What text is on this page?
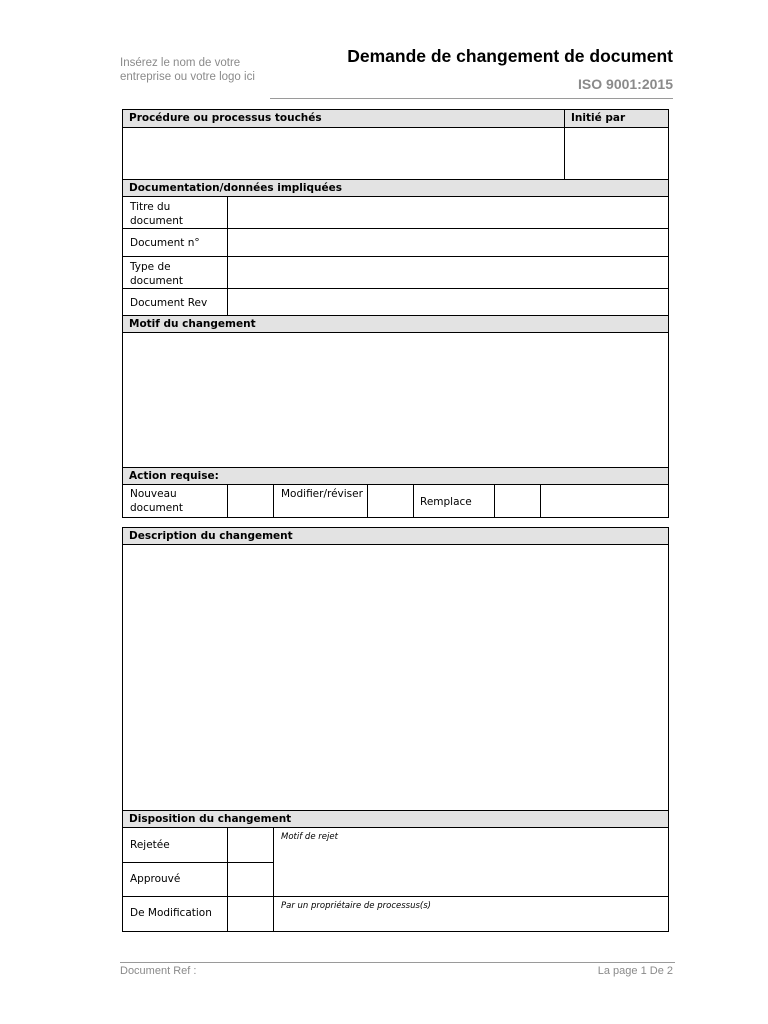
Insérez le nom de votre entreprise ou votre logo ici
Demande de changement de document
ISO 9001:2015
Procédure ou processus touchés	Initié par
Documentation/données impliquées
Titre du document
Document n°
Type de document
Document Rev
Motif du changement
Action requise:
Nouveau document
Modifier/réviser
Remplace
Description du changement
Disposition du changement
Rejetée
Approuvé
Motif de rejet
De Modification
Par un propriétaire de processus(s)
Document Ref :	La page 1 De 2
